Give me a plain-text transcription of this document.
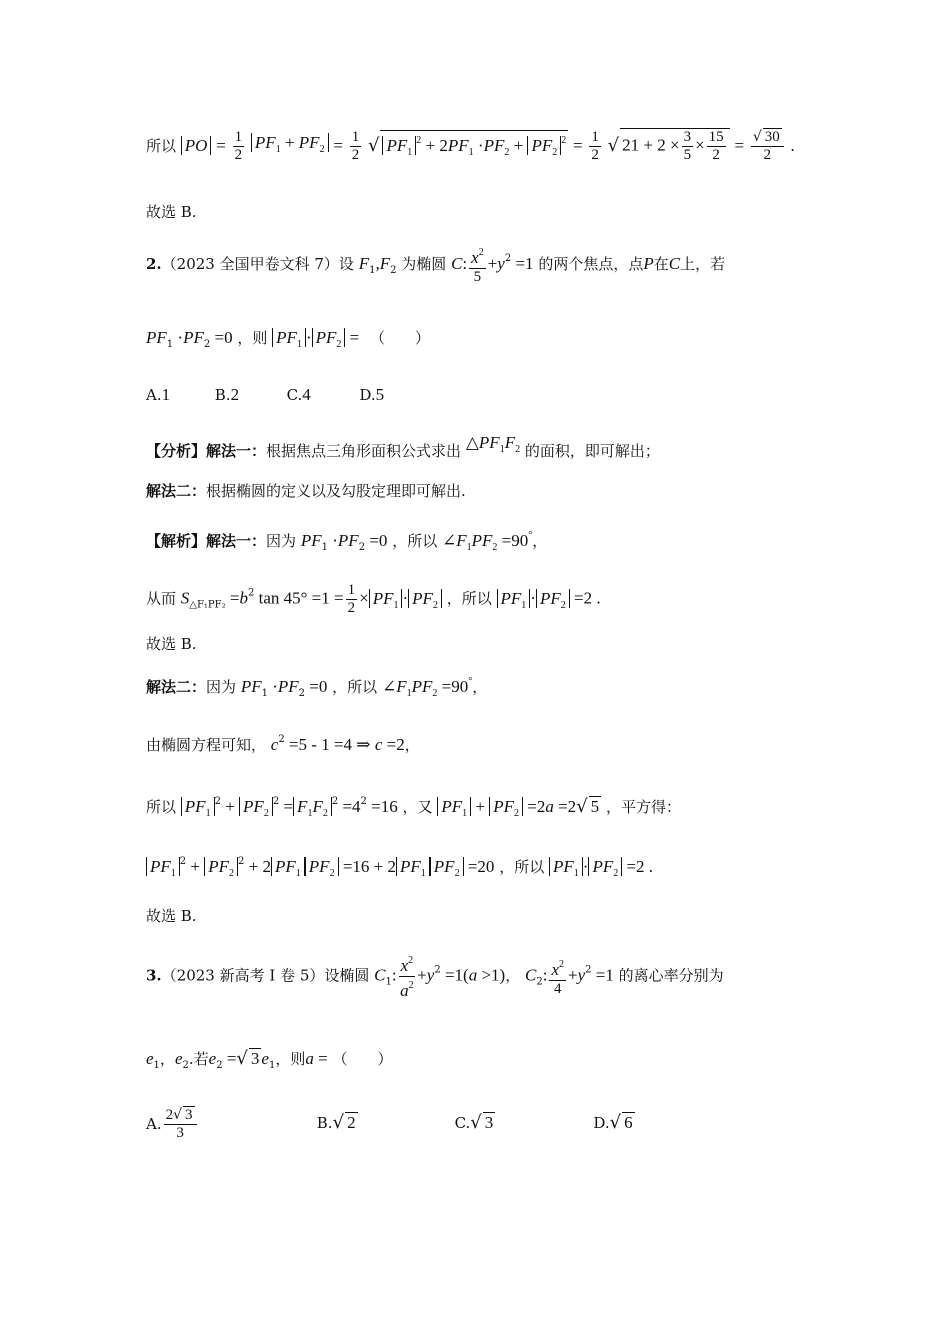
所以 PO = $\frac{1}{2} PF_1 + PF_2 = \frac{1}{2}$ √ $PF_1^2 + 2PF_1 \cdot PF_2 + PF_2^2 = \frac{1}{2}$ √ $21 + 2 \times \frac{3}{5} \times \frac{15}{2} = \frac{√ 30}{2}$ .
故选 B.
2.（2023 全国甲卷文科 7）设 $F_1,F_2$ 为椭圆 C: $\frac{x^2}{5} +y^2 =1$ 的两个焦点，点P在C上，若
$PF_1 \cdot PF_2 =0$ ，则 $PF_1 \cdot PF_2$ = （　　）
A.1	B.2	C.4	D.5
【分析】解法一：根据焦点三角形面积公式求出 $\triangle PF_1F_2$ 的面积，即可解出；
解法二：根据椭圆的定义以及勾股定理即可解出.
【解析】解法一：因为 $PF_1 \cdot PF_2 =0$ ，所以 $\angle F_1PF_2 =90^\circ$，
从而 $S_{\triangle F_1PF_2} =b^2$ $\tan 45^\circ =1 = \frac{1}{2} \times PF_1 \cdot PF_2$ ，所以 $PF_1 \cdot PF_2 =2$ .
故选 B.
解法二：因为 $PF_1 \cdot PF_2 =0$ ，所以 $\angle F_1PF_2 =90^\circ$，
由椭圆方程可知， $c^2 =5 - 1 =4$ ⇒ c =2，
所以 $PF_1^2 + PF_2^2 = F_1F_2^2 =4^2 =16$ ，又 $PF_1 + PF_2 =2a =2√$ 5 ，平方得：
$PF_1^2 + PF_2^2 + 2$ $PF_1$ $PF_2 =16 + 2$ $PF_1$ $PF_2 =20$ ，所以 $PF_1 \cdot PF_2 =2$ .
故选 B.
3.（2023 新高考 I 卷 5）设椭圆 $C_1$: $\frac{x^2}{a^2} +y^2 =1(a >1)$， $C_2$: $\frac{x^2}{4} +y^2 =1$ 的离心率分别为
$e_1$，$e_2$.若$e_2$ =√ 3 $e_1$，则a = （　　）
A. $\frac{2√ 3}{3}$	B.√ 2	C.√ 3	D.√ 6
